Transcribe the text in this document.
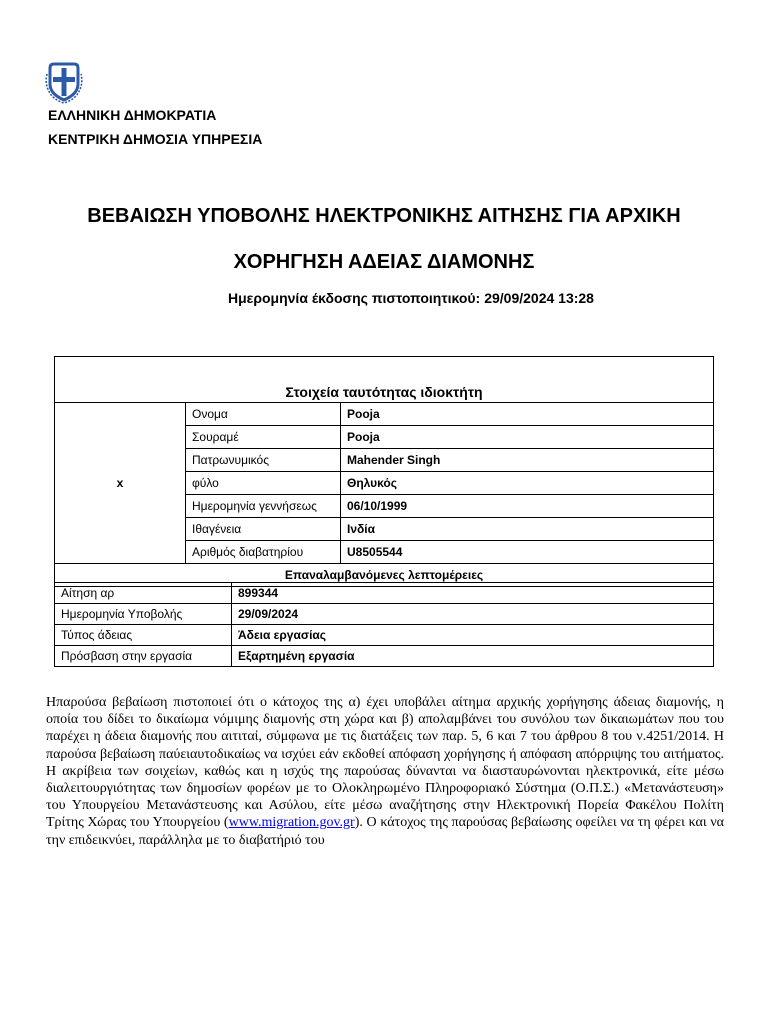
ΕΛΛΗΝΙΚΗ ΔΗΜΟΚΡΑΤΙΑ
ΚΕΝΤΡΙΚΗ ΔΗΜΟΣΙΑ ΥΠΗΡΕΣΙΑ
ΒΕΒΑΙΩΣΗ ΥΠΟΒΟΛΗΣ ΗΛΕΚΤΡΟΝΙΚΗΣ ΑΙΤΗΣΗΣ ΓΙΑ ΑΡΧΙΚΗ
ΧΟΡΗΓΗΣΗ ΑΔΕΙΑΣ ΔΙΑΜΟΝΗΣ
Ημερομηνία έκδοσης πιστοποιητικού: 29/09/2024 13:28
Στοιχεία ταυτότητας ιδιοκτήτη		
x	Ονομα	Pooja
	Σουραμέ	Pooja
	Πατρωνυμικός	Mahender Singh
	φύλο	Θηλυκός
	Ημερομηνία γεννήσεως	06/10/1999
	Ιθαγένεια	Ινδία
	Αριθμός διαβατηρίου	U8505544
Επαναλαμβανόμενες λεπτομέρειες		
Αίτηση αρ	899344
Ημερομηνία Υποβολής	29/09/2024
Τύπος άδειας	Άδεια εργασίας
Πρόσβαση στην εργασία	Εξαρτημένη εργασία
Ηπαρούσα βεβαίωση πιστοποιεί ότι ο κάτοχος της α) έχει υποβάλει αίτημα αρχικής χορήγησης άδειας διαμονής, η οποία του δίδει το δικαίωμα νόμιμης διαμονής στη χώρα και β) απολαμβάνει του συνόλου των δικαιωμάτων που του παρέχει η άδεια διαμονής που αιτιταί, σύμφωνα με τις διατάξεις των παρ. 5, 6 και 7 του άρθρου 8 του ν.4251/2014. Η παρούσα βεβαίωση παύειαυτοδικαίως να ισχύει εάν εκδοθεί απόφαση χορήγησης ή απόφαση απόρριψης του αιτήματος. Η ακρίβεια των σοιχείων, καθώς και η ισχύς της παρούσας δύνανται να διασταυρώνονται ηλεκτρονικά, είτε μέσω διαλειτουργιότητας των δημοσίων φορέων με το Ολοκληρωμένο Πληροφοριακό Σύστημα (Ο.Π.Σ.) «Μετανάστευση» του Υπουργείου Μετανάστευσης και Ασύλου, είτε μέσω αναζήτησης στην Ηλεκτρονική Πορεία Φακέλου Πολίτη Τρίτης Χώρας του Υπουργείου (www.migration.gov.gr). Ο κάτοχος της παρούσας βεβαίωσης οφείλει να τη φέρει και να την επιδεικνύει, παράλληλα με το διαβατήριό του
